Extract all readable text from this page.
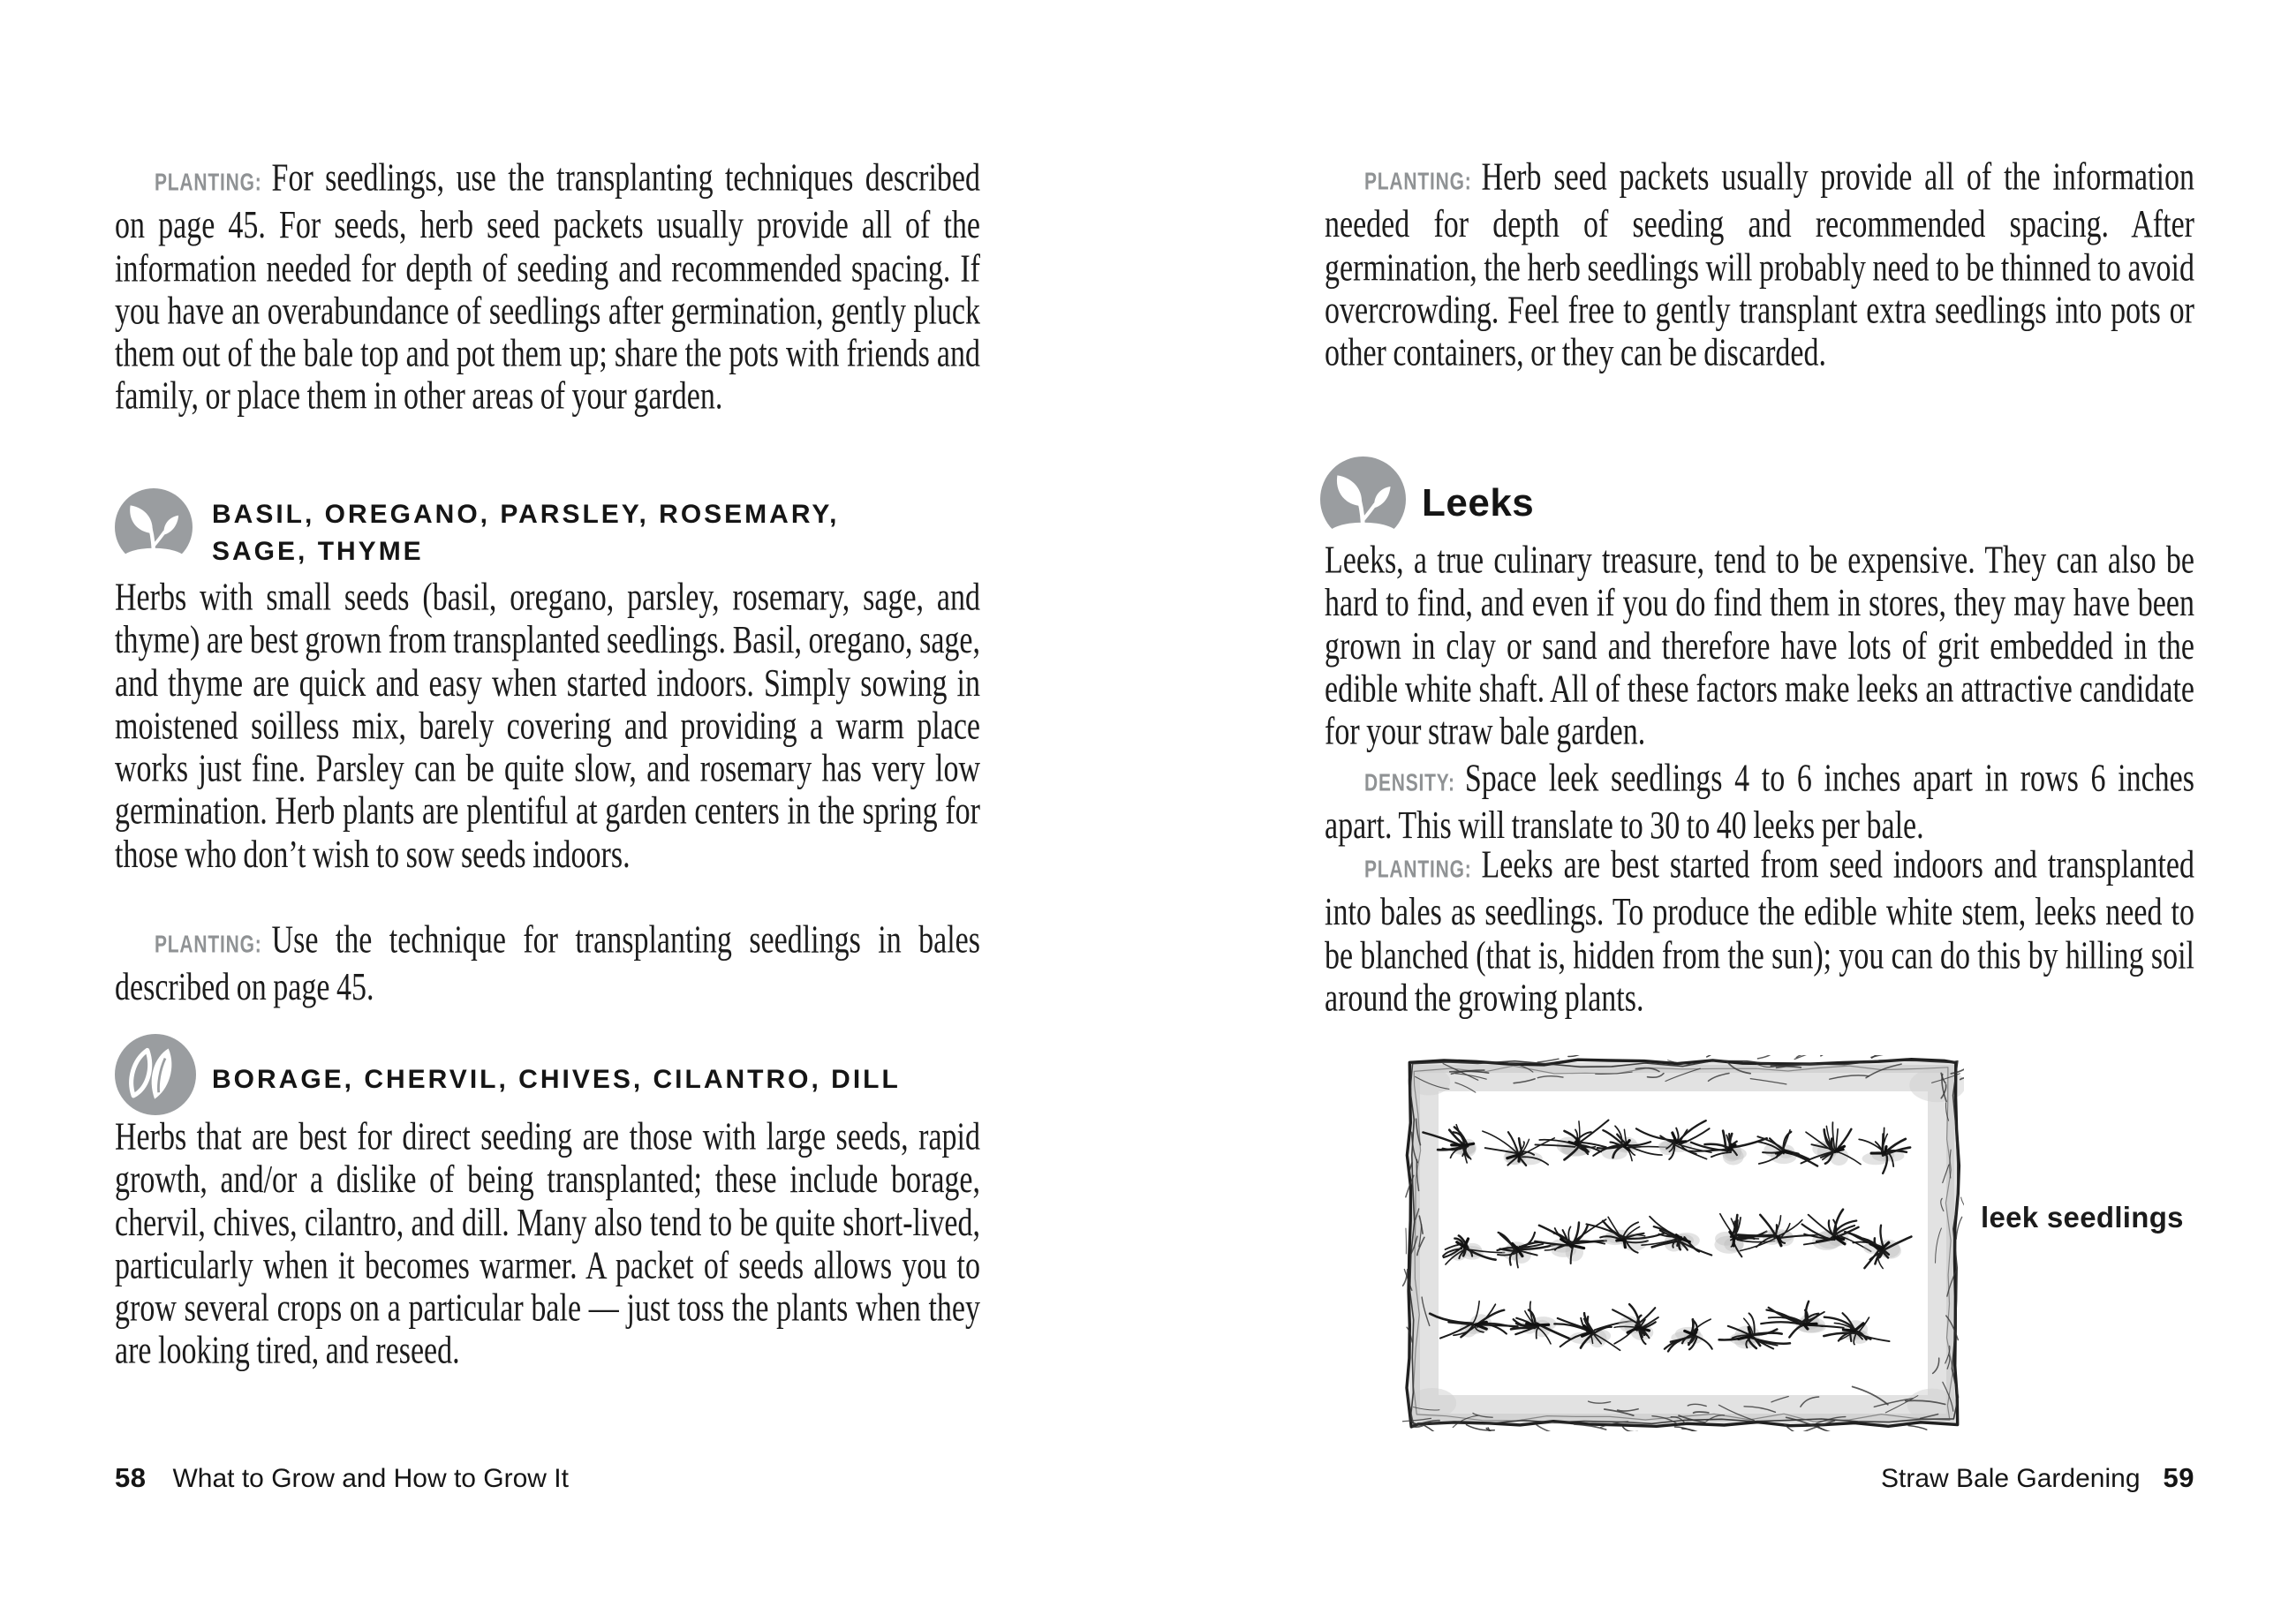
PLANTING: For seedlings, use the transplanting techniques described on page 45. For seeds, herb seed packets usually provide all of the information needed for depth of seeding and recommended spacing. If you have an overabundance of seedlings after germination, gently pluck them out of the bale top and pot them up; share the pots with friends and family, or place them in other areas of your garden.

BASIL, OREGANO, PARSLEY, ROSEMARY,
SAGE, THYME

Herbs with small seeds (basil, oregano, parsley, rosemary, sage, and thyme) are best grown from transplanted seedlings. Basil, oregano, sage, and thyme are quick and easy when started indoors. Simply sowing in moistened soilless mix, barely covering and providing a warm place works just fine. Parsley can be quite slow, and rosemary has very low germination. Herb plants are plentiful at garden centers in the spring for those who don’t wish to sow seeds indoors.

PLANTING: Use the technique for transplanting seedlings in bales described on page 45.

BORAGE, CHERVIL, CHIVES, CILANTRO, DILL

Herbs that are best for direct seeding are those with large seeds, rapid growth, and/or a dislike of being transplanted; these include borage, chervil, chives, cilantro, and dill. Many also tend to be quite short-lived, particularly when it becomes warmer. A packet of seeds allows you to grow several crops on a particular bale — just toss the plants when they are looking tired, and reseed.

58 What to Grow and How to Grow It

PLANTING: Herb seed packets usually provide all of the information needed for depth of seeding and recommended spacing. After germination, the herb seedlings will probably need to be thinned to avoid overcrowding. Feel free to gently transplant extra seedlings into pots or other containers, or they can be discarded.

Leeks

Leeks, a true culinary treasure, tend to be expensive. They can also be hard to find, and even if you do find them in stores, they may have been grown in clay or sand and therefore have lots of grit embedded in the edible white shaft. All of these factors make leeks an attractive candidate for your straw bale garden.

DENSITY: Space leek seedlings 4 to 6 inches apart in rows 6 inches apart. This will translate to 30 to 40 leeks per bale.

PLANTING: Leeks are best started from seed indoors and transplanted into bales as seedlings. To produce the edible white stem, leeks need to be blanched (that is, hidden from the sun); you can do this by hilling soil around the growing plants.

leek seedlings
Straw Bale Gardening 59
